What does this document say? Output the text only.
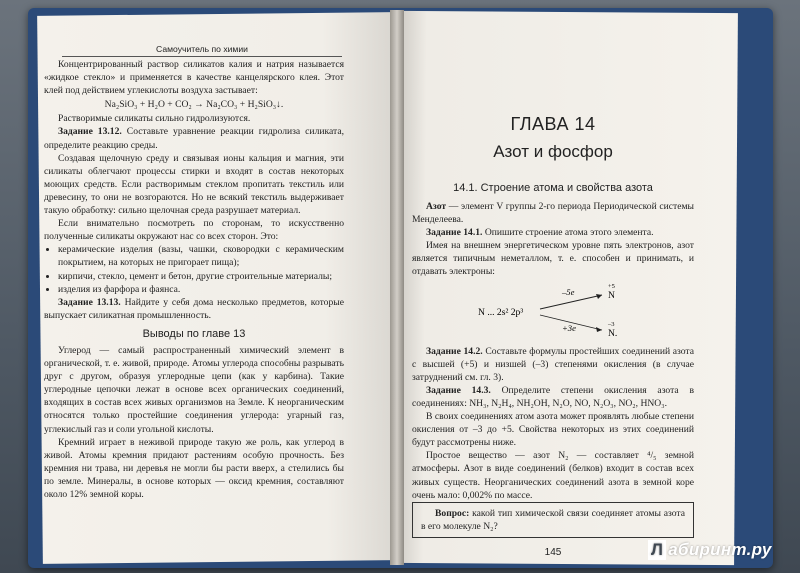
Самоучитель по химии

Концентрированный раствор силикатов калия и натрия называется «жидкое стекло» и применяется в качестве канцелярского клея. Этот клей под действием углекислоты воздуха застывает:

Na₂SiO₃ + H₂O + CO₂ → Na₂CO₃ + H₂SiO₃↓.

Растворимые силикаты сильно гидролизуются.

Задание 13.12. Составьте уравнение реакции гидролиза силиката, определите реакцию среды.

Создавая щелочную среду и связывая ионы кальция и магния, эти силикаты облегчают процессы стирки и входят в состав некоторых моющих средств. Если растворимым стеклом пропитать текстиль или древесину, то они не возгораются. Но не всякий текстиль выдерживает такую обработку: сильно щелочная среда разрушает материал.

Если внимательно посмотреть по сторонам, то искусственно полученные силикаты окружают нас со всех сторон. Это:

• керамические изделия (вазы, чашки, сковородки с керамическим покрытием, на которых не пригорает пища);
• кирпичи, стекло, цемент и бетон, другие строительные материалы;
• изделия из фарфора и фаянса.

Задание 13.13. Найдите у себя дома несколько предметов, которые выпускает силикатная промышленность.

Выводы по главе 13

Углерод — самый распространенный химический элемент в органической, т. е. живой, природе. Атомы углерода способны разрывать друг с другом, образуя углеродные цепи (как у карбина). Такие углеродные цепочки лежат в основе всех органических соединений, входящих в состав всех живых организмов на Земле. К неорганическим относятся только простейшие соединения углерода: угарный газ, углекислый газ и соли угольной кислоты.

Кремний играет в неживой природе такую же роль, как углерод в живой. Атомы кремния придают растениям особую прочность. Без кремния ни трава, ни деревья не могли бы расти вверх, а стелились бы по земле. Минералы, в основе которых — оксид кремния, составляют около 12% земной коры.

ГЛАВА 14
Азот и фосфор
14.1. Строение атома и свойства азота

Азот — элемент V группы 2-го периода Периодической системы Менделеева.

Задание 14.1. Опишите строение атома этого элемента.

Имея на внешнем энергетическом уровне пять электронов, азот является типичным неметаллом, т. е. способен и принимать, и отдавать электроны:

N ... 2s² 2p³
–5e	N
+5
+3e	N.
–3

Задание 14.2. Составьте формулы простейших соединений азота с высшей (+5) и низшей (–3) степенями окисления (в случае затруднений см. гл. 3).

Задание 14.3. Определите степени окисления азота в соединениях: NH₃, N₂H₄, NH₂OH, N₂O, NO, N₂O₃, NO₂, HNO₃.

В своих соединениях атом азота может проявлять любые степени окисления от –3 до +5. Свойства некоторых из этих соединений будут рассмотрены ниже.

Простое вещество — азот N₂ — составляет ⁴/₅ земной атмосферы. Азот в виде соединений (белков) входит в состав всех живых существ. Неорганических соединений азота в земной коре очень мало: 0,002% по массе.

Вопрос: какой тип химической связи соединяет атомы азота в его молекуле N₂?

145	Л абиринт.ру
